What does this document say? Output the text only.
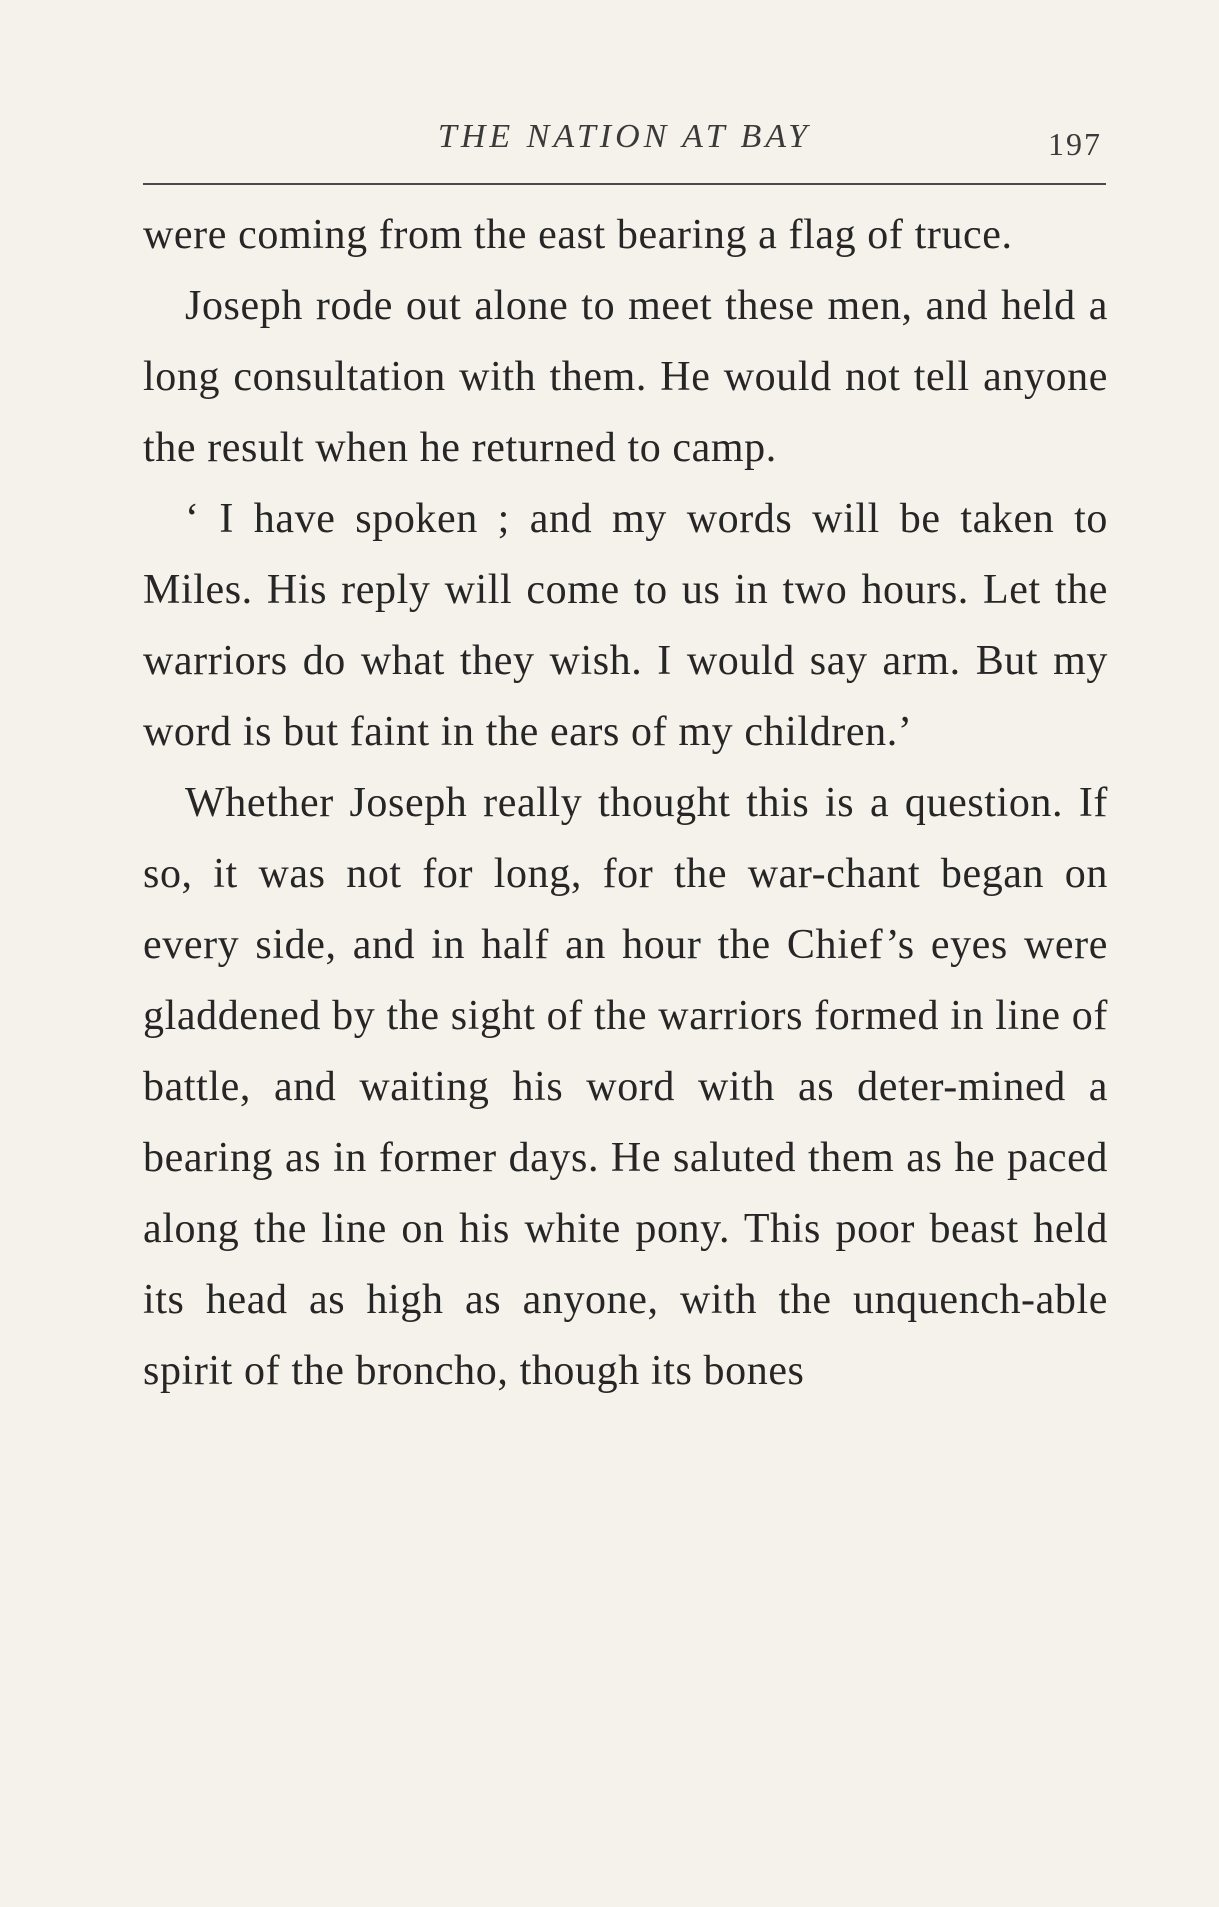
THE NATION AT BAY	197

were coming from the east bearing a flag of truce.

Joseph rode out alone to meet these men, and held a long consultation with them. He would not tell anyone the result when he returned to camp.

‘ I have spoken ; and my words will be taken to Miles. His reply will come to us in two hours. Let the warriors do what they wish. I would say arm. But my word is but faint in the ears of my children.’

Whether Joseph really thought this is a question. If so, it was not for long, for the war-chant began on every side, and in half an hour the Chief’s eyes were gladdened by the sight of the warriors formed in line of battle, and waiting his word with as deter-mined a bearing as in former days. He saluted them as he paced along the line on his white pony. This poor beast held its head as high as anyone, with the unquench-able spirit of the broncho, though its bones
